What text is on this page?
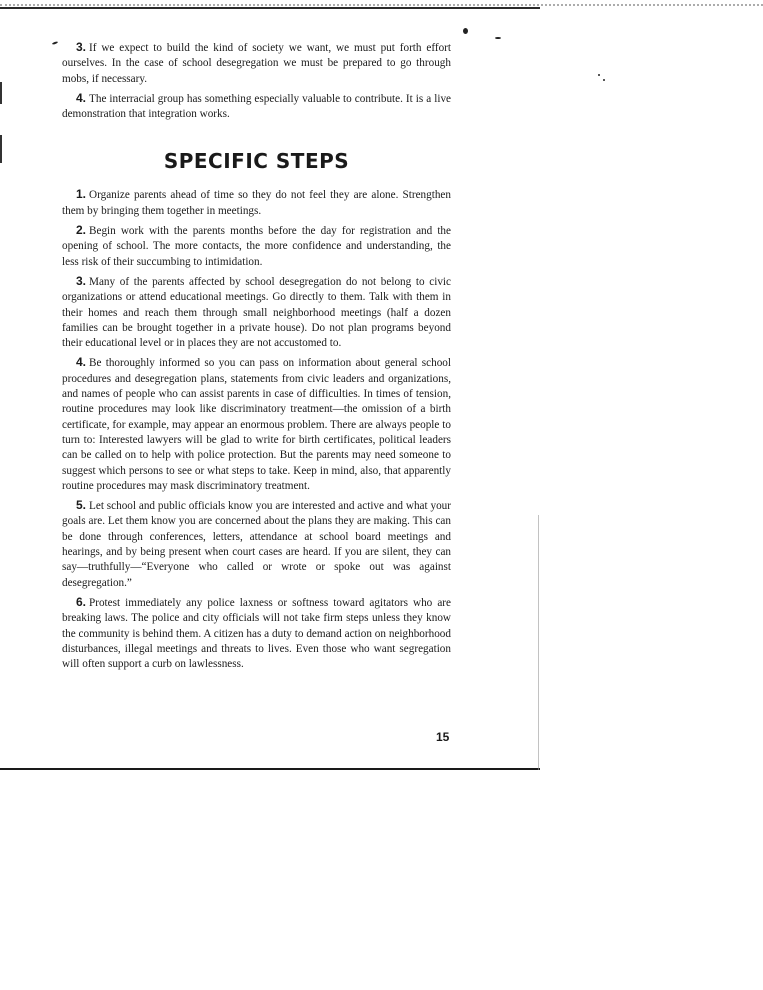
3. If we expect to build the kind of society we want, we must put forth effort ourselves. In the case of school desegregation we must be prepared to go through mobs, if necessary.

4. The interracial group has something especially valuable to contribute. It is a live demonstration that integration works.

SPECIFIC STEPS

1. Organize parents ahead of time so they do not feel they are alone. Strengthen them by bringing them together in meetings.

2. Begin work with the parents months before the day for registration and the opening of school. The more contacts, the more confidence and understanding, the less risk of their succumbing to intimidation.

3. Many of the parents affected by school desegregation do not belong to civic organizations or attend educational meetings. Go directly to them. Talk with them in their homes and reach them through small neighborhood meetings (half a dozen families can be brought together in a private house). Do not plan programs beyond their educational level or in places they are not accustomed to.

4. Be thoroughly informed so you can pass on information about general school procedures and desegregation plans, statements from civic leaders and organizations, and names of people who can assist parents in case of difficulties. In times of tension, routine procedures may look like discriminatory treatment—the omission of a birth certificate, for example, may appear an enormous problem. There are always people to turn to: Interested lawyers will be glad to write for birth certificates, political leaders can be called on to help with police protection. But the parents may need someone to suggest which persons to see or what steps to take. Keep in mind, also, that apparently routine procedures may mask discriminatory treatment.

5. Let school and public officials know you are interested and active and what your goals are. Let them know you are concerned about the plans they are making. This can be done through conferences, letters, attendance at school board meetings and hearings, and by being present when court cases are heard. If you are silent, they can say—truthfully—“Everyone who called or wrote or spoke out was against desegregation.”

6. Protest immediately any police laxness or softness toward agitators who are breaking laws. The police and city officials will not take firm steps unless they know the community is behind them. A citizen has a duty to demand action on neighborhood disturbances, illegal meetings and threats to lives. Even those who want segregation will often support a curb on lawlessness.

15
